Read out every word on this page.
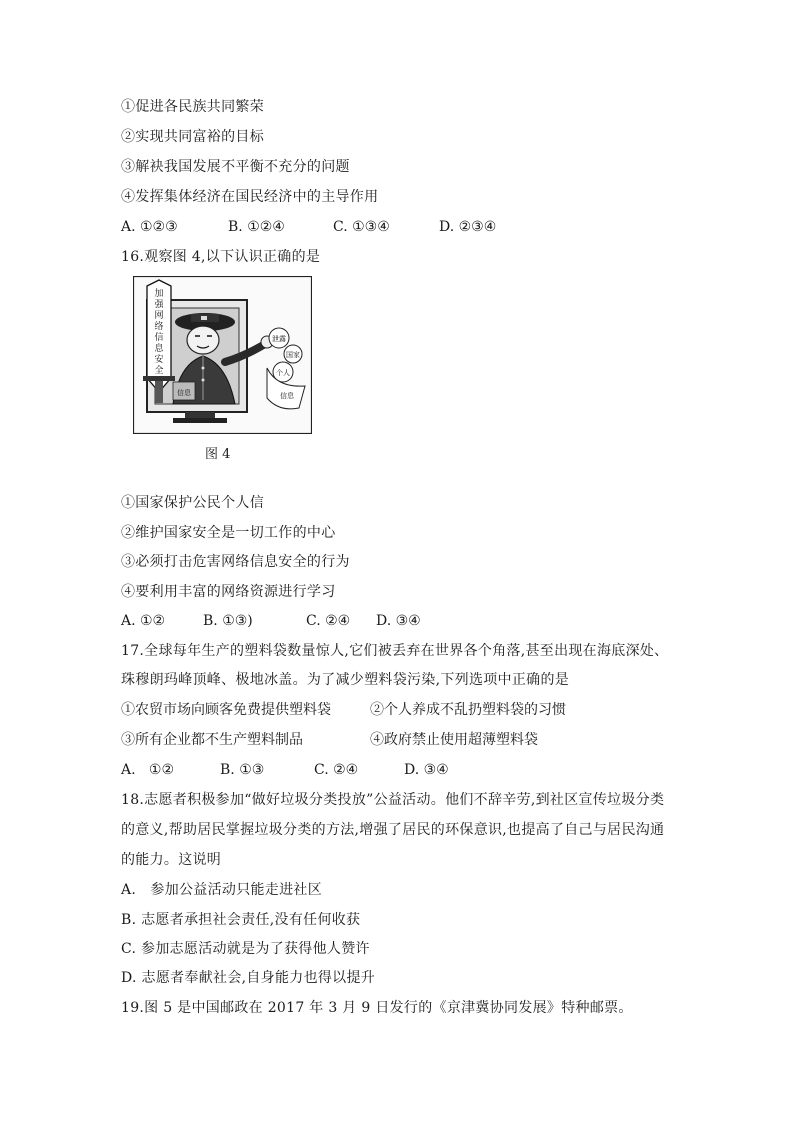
①促进各民族共同繁荣
②实现共同富裕的目标
③解袂我国发展不平衡不充分的问题
④发挥集体经济在国民经济中的主导作用
A. ①②③	B. ①②④	C. ①③④	D. ②③④
16.观察图 4,以下认识正确的是
加
强
网
络
信
息
安
全
信息
泄露
国家
个人
信息
图 4
①国家保护公民个人信
②维护国家安全是一切工作的中心
③必须打击危害网络信息安全的行为
④要利用丰富的网络资源进行学习
A. ①②	B. ①③)	C. ②④ D. ③④
17.全球每年生产的塑料袋数量惊人,它们被丢弃在世界各个角落,甚至出现在海底深处、
珠穆朗玛峰顶峰、极地冰盖。为了减少塑料袋污染,下列选项中正确的是
①农贸市场向顾客免费提供塑料袋	②个人养成不乱扔塑料袋的习惯
③所有企业都不生产塑料制品	④政府禁止使用超薄塑料袋
A.   ①②	B. ①③	C. ②④	D. ③④
18.志愿者积极参加“做好垃圾分类投放”公益活动。他们不辞辛劳,到社区宣传垃圾分类
的意义,帮助居民掌握垃圾分类的方法,增强了居民的环保意识,也提高了自己与居民沟通
的能力。这说明
A.   参加公益活动只能走进社区
B. 志愿者承担社会责任,没有任何收获
C. 参加志愿活动就是为了获得他人赞许
D. 志愿者奉献社会,自身能力也得以提升
19.图 5 是中国邮政在 2017 年 3 月 9 日发行的《京津冀协同发展》特种邮票。
